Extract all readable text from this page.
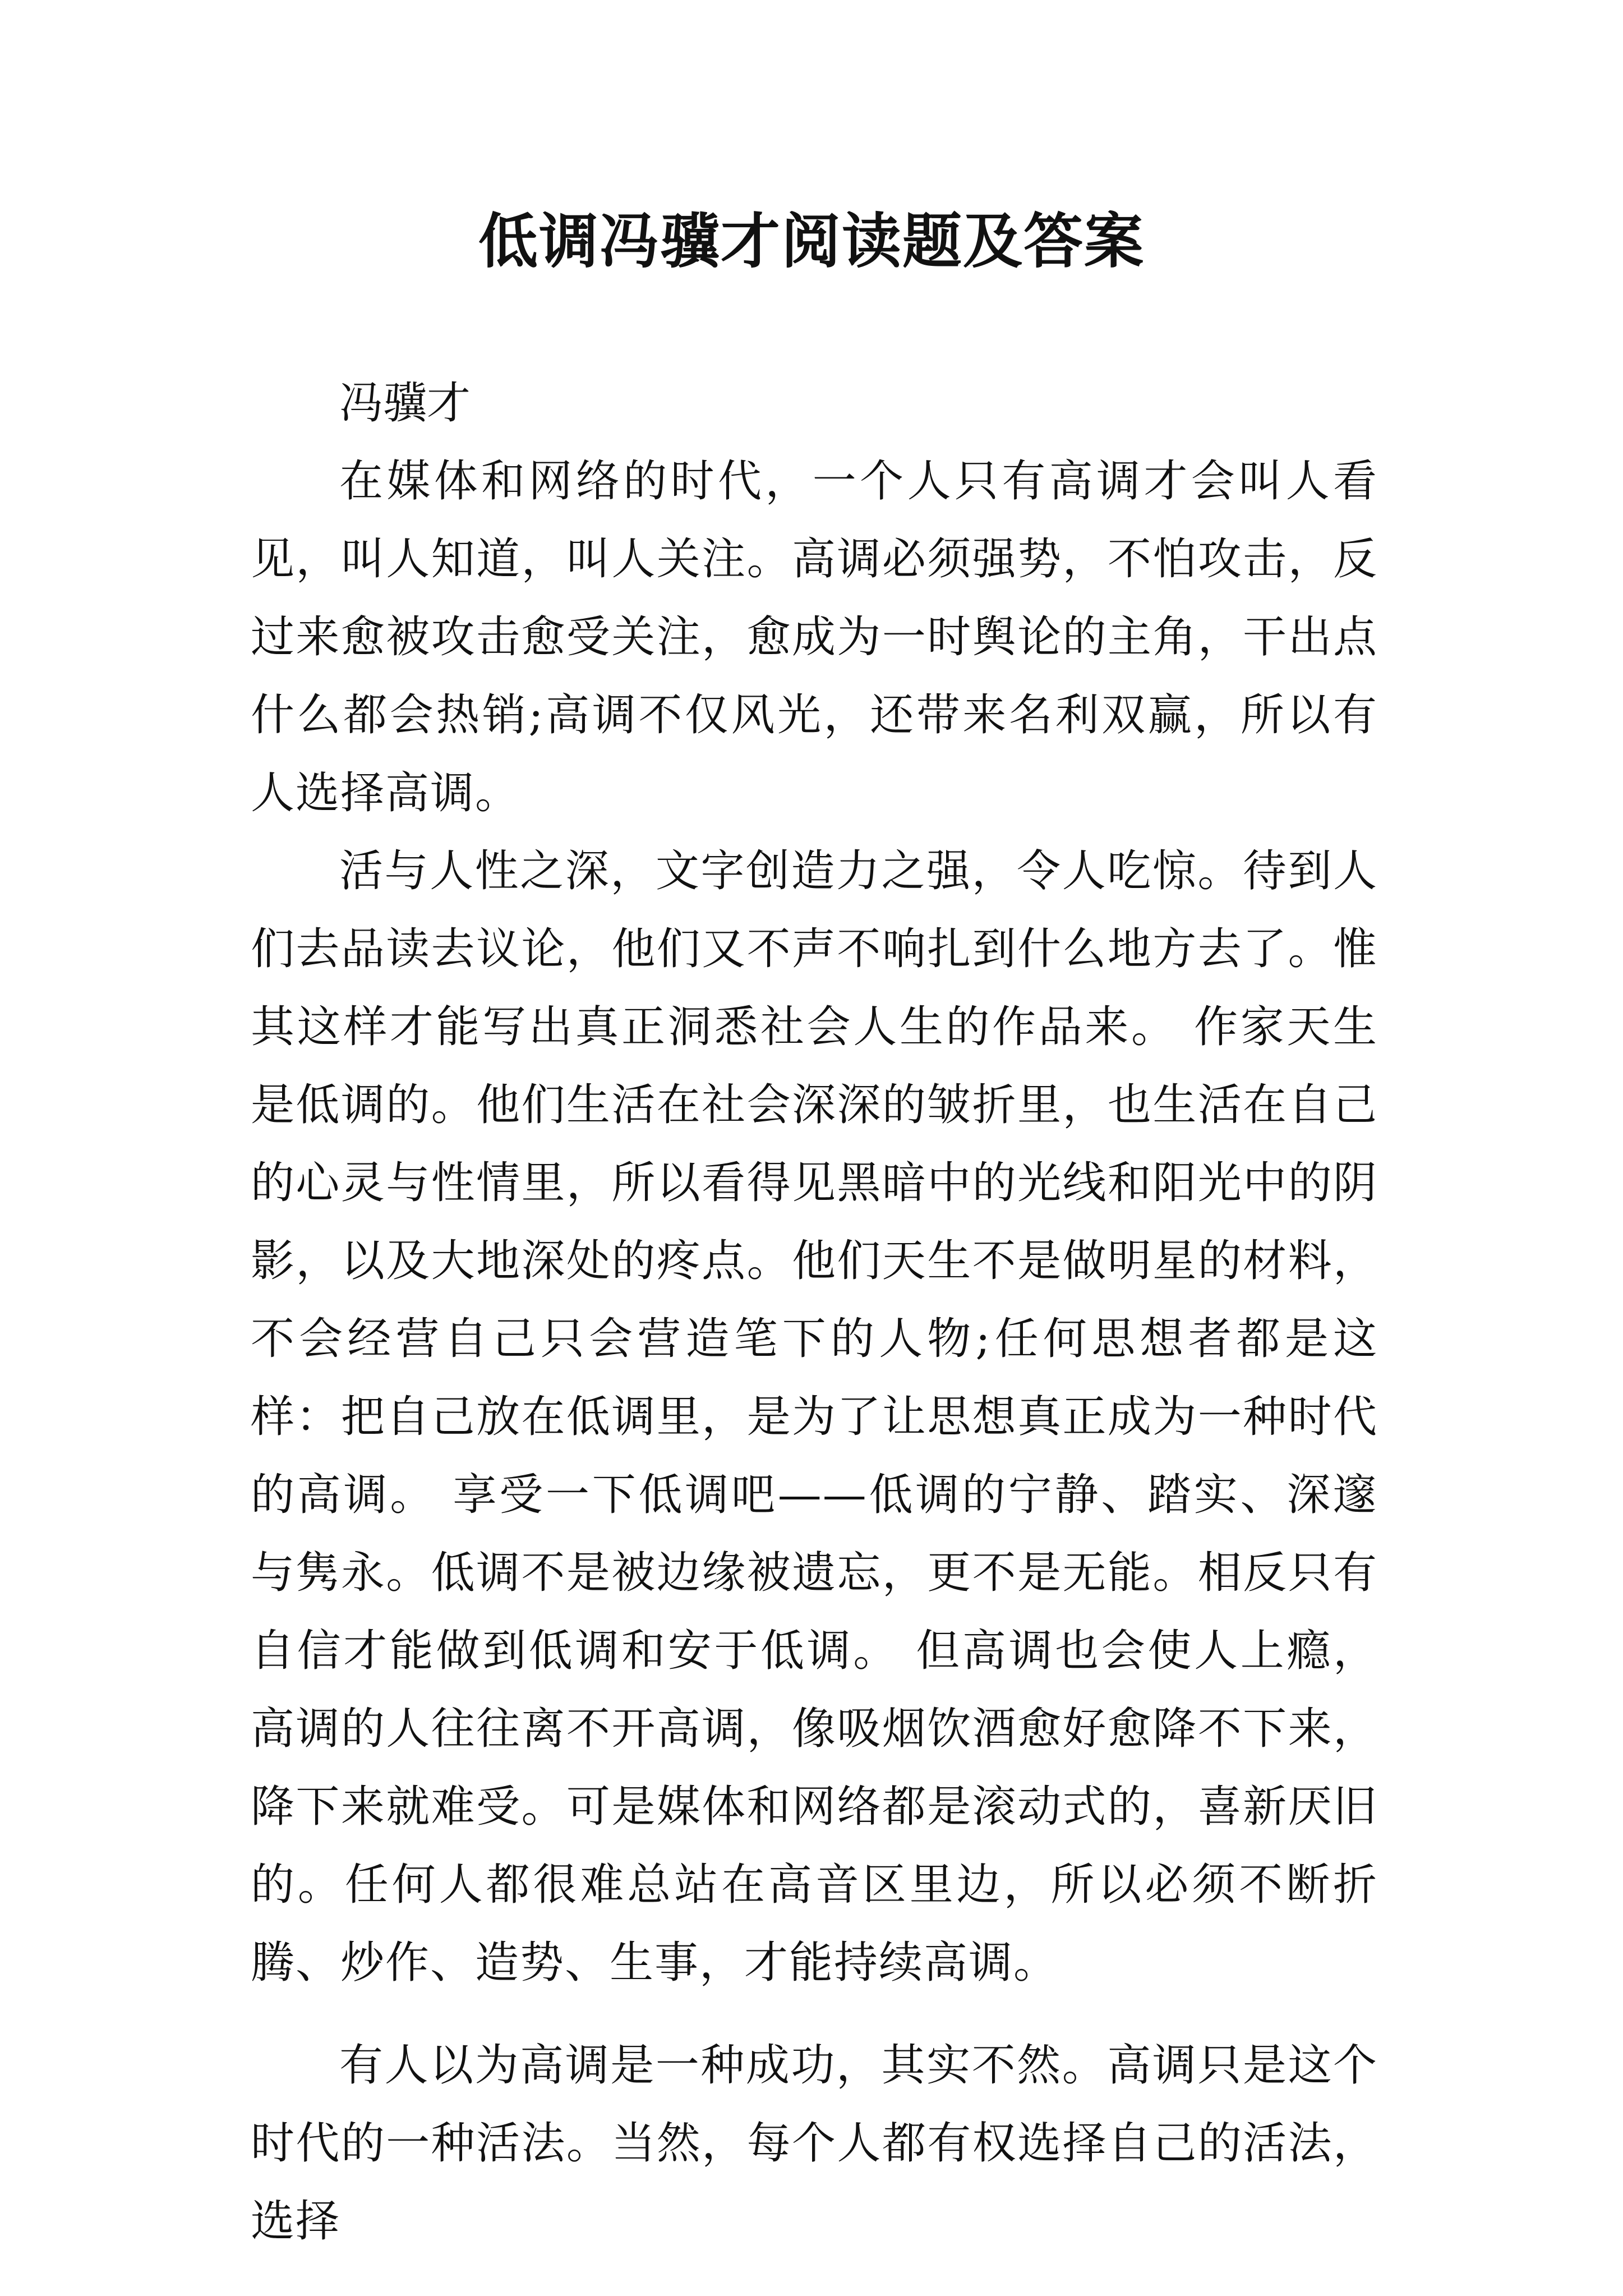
低调冯骥才阅读题及答案

冯骥才

在媒体和网络的时代，一个人只有高调才会叫人看见，叫人知道，叫人关注。高调必须强势，不怕攻击，反过来愈被攻击愈受关注，愈成为一时舆论的主角，干出点什么都会热销;高调不仅风光，还带来名利双赢，所以有人选择高调。

活与人性之深，文字创造力之强，令人吃惊。待到人们去品读去议论，他们又不声不响扎到什么地方去了。惟其这样才能写出真正洞悉社会人生的作品来。 作家天生是低调的。他们生活在社会深深的皱折里，也生活在自己的心灵与性情里，所以看得见黑暗中的光线和阳光中的阴影，以及大地深处的疼点。他们天生不是做明星的材料，不会经营自己只会营造笔下的人物;任何思想者都是这样：把自己放在低调里，是为了让思想真正成为一种时代的高调。 享受一下低调吧——低调的宁静、踏实、深邃与隽永。低调不是被边缘被遗忘，更不是无能。相反只有自信才能做到低调和安于低调。 但高调也会使人上瘾，高调的人往往离不开高调，像吸烟饮酒愈好愈降不下来，降下来就难受。可是媒体和网络都是滚动式的，喜新厌旧的。任何人都很难总站在高音区里边，所以必须不断折腾、炒作、造势、生事，才能持续高调。

有人以为高调是一种成功，其实不然。高调只是这个时代的一种活法。当然，每个人都有权选择自己的活法，选择
